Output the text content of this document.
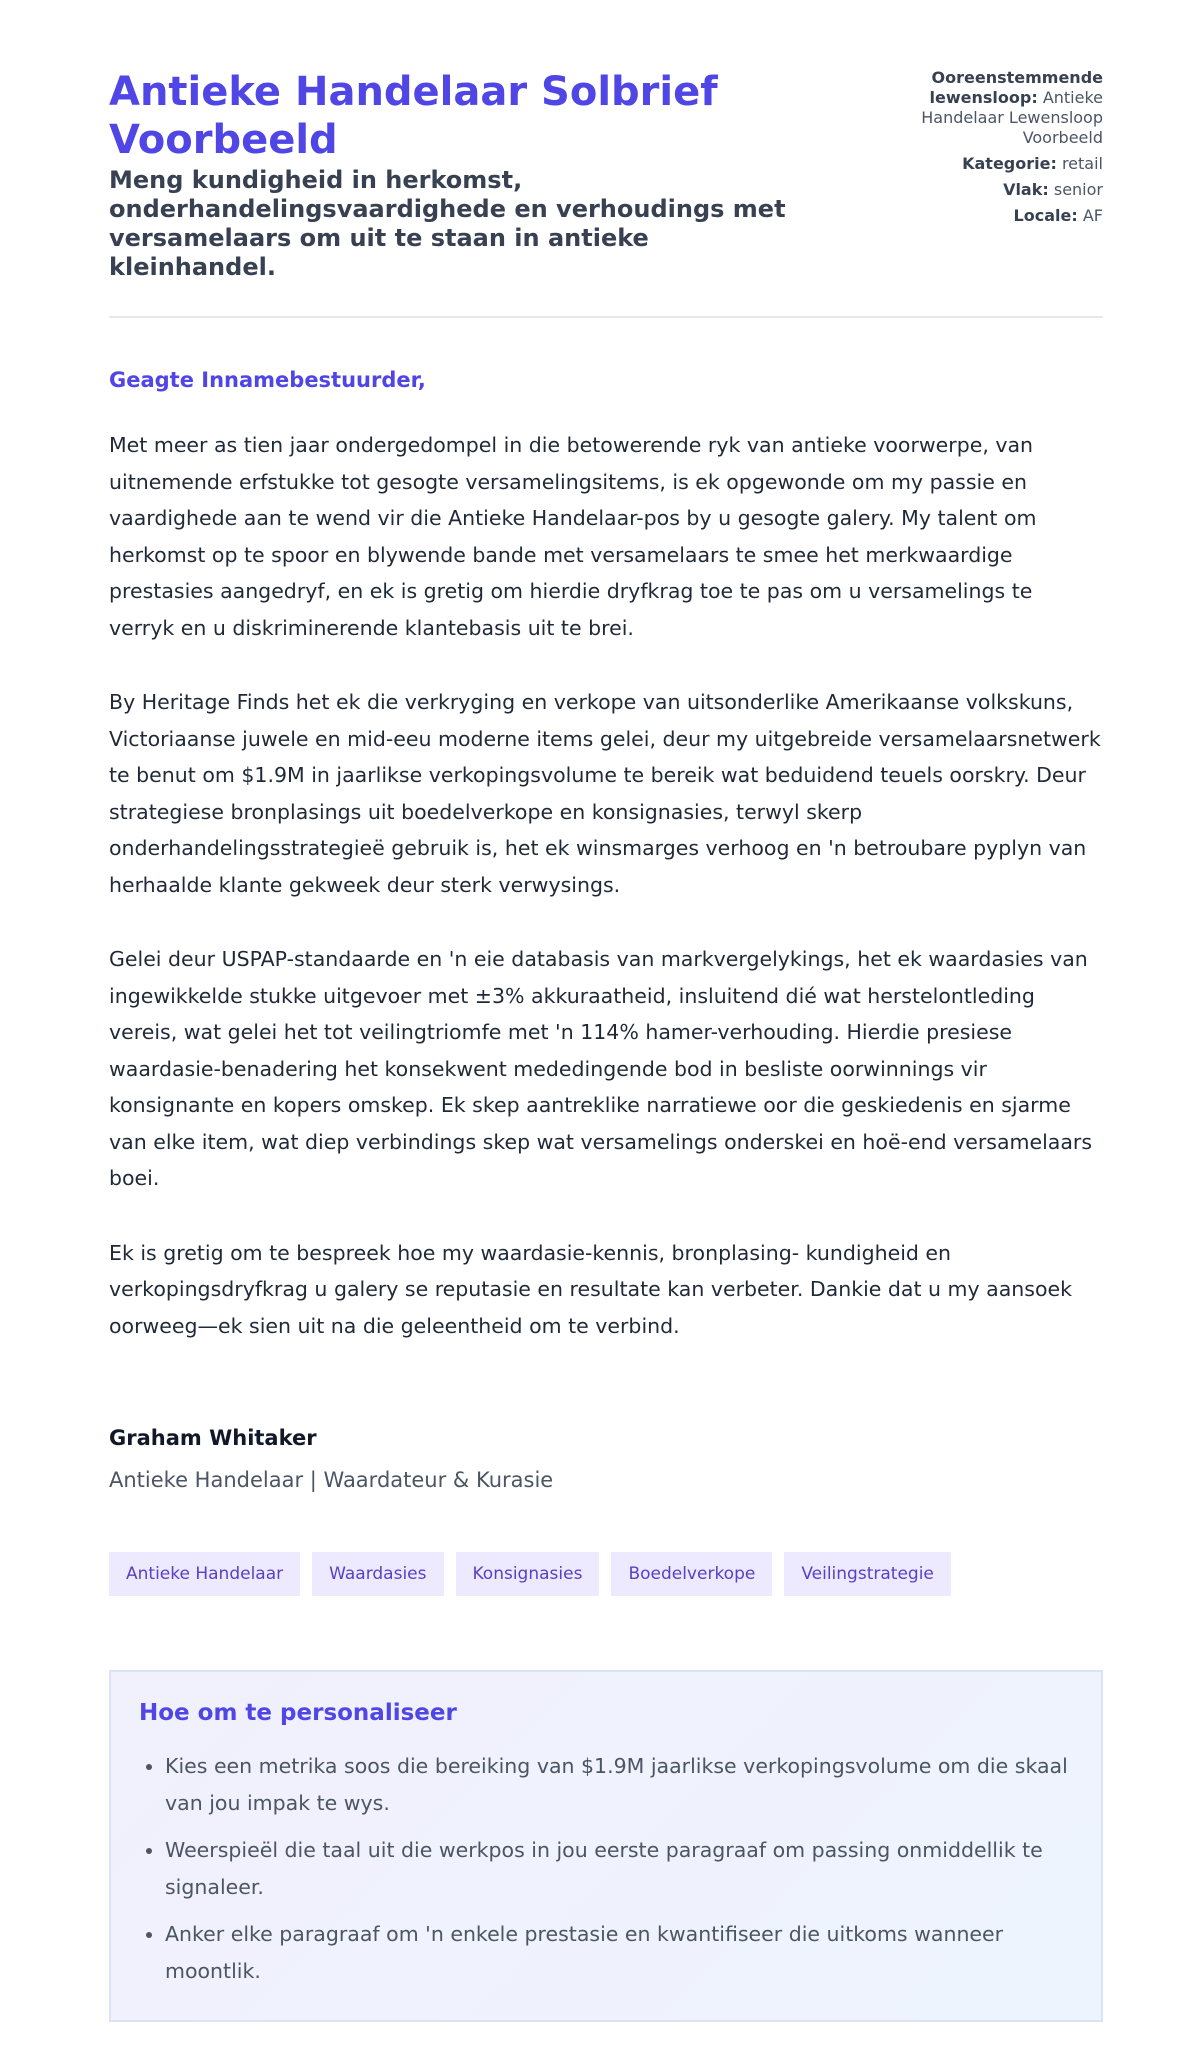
Antieke Handelaar Solbrief Voorbeeld
Meng kundigheid in herkomst, onderhandelingsvaardighede en verhoudings met versamelaars om uit te staan in antieke kleinhandel.
Ooreenstemmende lewensloop: Antieke Handelaar Lewensloop Voorbeeld
Kategorie: retail
Vlak: senior
Locale: AF

Geagte Innamebestuurder,

Met meer as tien jaar ondergedompel in die betowerende ryk van antieke voorwerpe, van uitnemende erfstukke tot gesogte versamelingsitems, is ek opgewonde om my passie en vaardighede aan te wend vir die Antieke Handelaar-pos by u gesogte galery. My talent om herkomst op te spoor en blywende bande met versamelaars te smee het merkwaardige prestasies aangedryf, en ek is gretig om hierdie dryfkrag toe te pas om u versamelings te verryk en u diskriminerende klantebasis uit te brei.

By Heritage Finds het ek die verkryging en verkope van uitsonderlike Amerikaanse volkskuns, Victoriaanse juwele en mid-eeu moderne items gelei, deur my uitgebreide versamelaarsnetwerk te benut om $1.9M in jaarlikse verkopingsvolume te bereik wat beduidend teuels oorskry. Deur strategiese bronplasings uit boedelverkope en konsignasies, terwyl skerp onderhandelingsstrategieë gebruik is, het ek winsmarges verhoog en 'n betroubare pyplyn van herhaalde klante gekweek deur sterk verwysings.

Gelei deur USPAP-standaarde en 'n eie databasis van markvergelykings, het ek waardasies van ingewikkelde stukke uitgevoer met ±3% akkuraatheid, insluitend dié wat herstelontleding vereis, wat gelei het tot veilingtriomfe met 'n 114% hamer-verhouding. Hierdie presiese waardasie-benadering het konsekwent mededingende bod in besliste oorwinnings vir konsignante en kopers omskep. Ek skep aantreklike narratiewe oor die geskiedenis en sjarme van elke item, wat diep verbindings skep wat versamelings onderskei en hoë-end versamelaars boei.

Ek is gretig om te bespreek hoe my waardasie-kennis, bronplasing- kundigheid en verkopingsdryfkrag u galery se reputasie en resultate kan verbeter. Dankie dat u my aansoek oorweeg—ek sien uit na die geleentheid om te verbind.

Graham Whitaker

Antieke Handelaar | Waardateur & Kurasie

Antieke Handelaar	Waardasies	Konsignasies	Boedelverkope	Veilingstrategie
Hoe om te personaliseer
• Kies een metrika soos die bereiking van $1.9M jaarlikse verkopingsvolume om die skaal van jou impak te wys.
• Weerspieël die taal uit die werkpos in jou eerste paragraaf om passing onmiddellik te signaleer.
• Anker elke paragraaf om 'n enkele prestasie en kwantifiseer die uitkoms wanneer moontlik.
